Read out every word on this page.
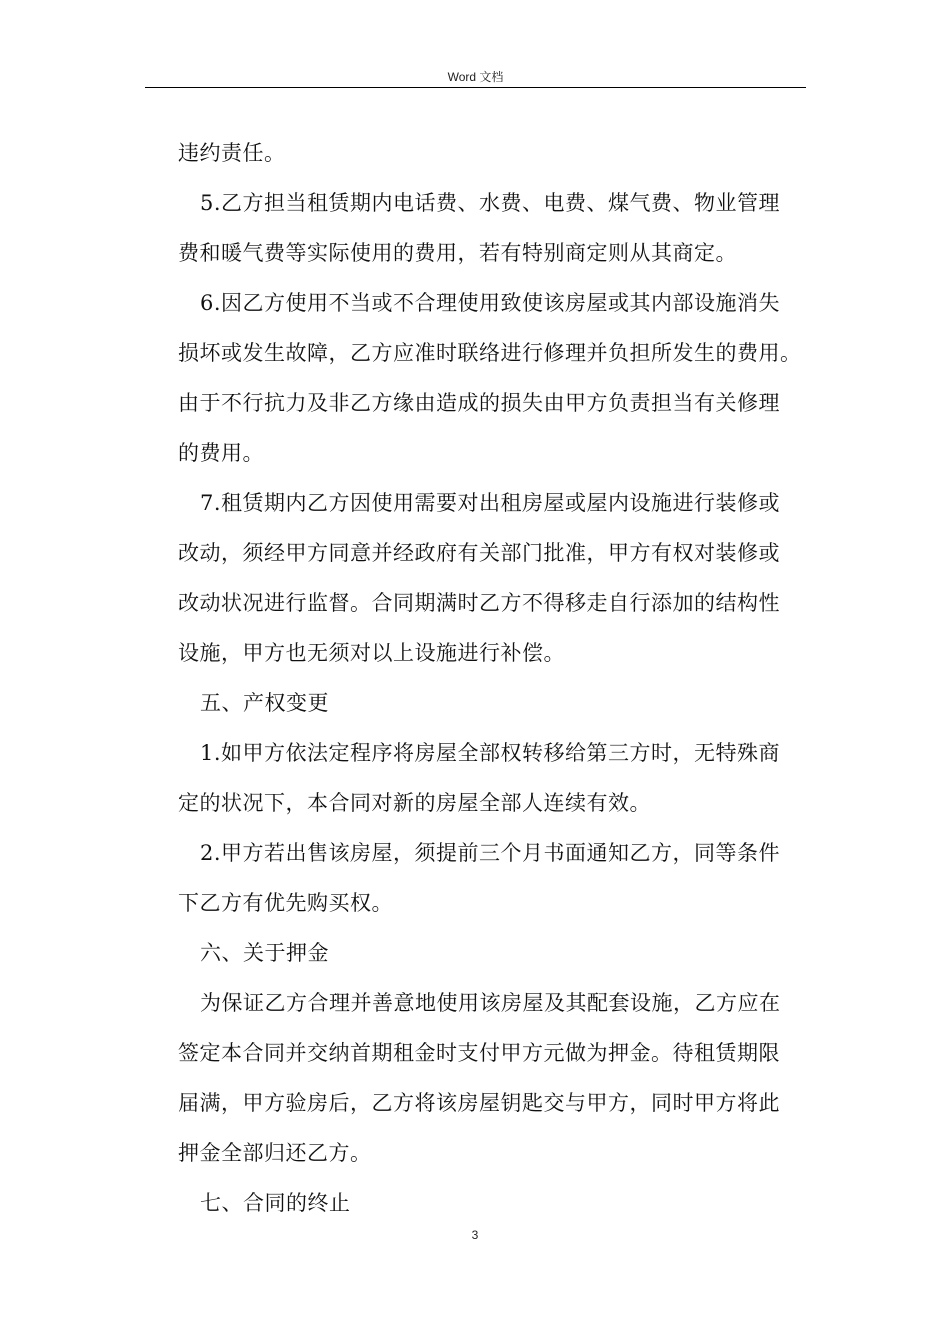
Word 文档
违约责任。
5.乙方担当租赁期内电话费、水费、电费、煤气费、物业管理
费和暖气费等实际使用的费用，若有特别商定则从其商定。
6.因乙方使用不当或不合理使用致使该房屋或其内部设施消失
损坏或发生故障，乙方应准时联络进行修理并负担所发生的费用。
由于不行抗力及非乙方缘由造成的损失由甲方负责担当有关修理
的费用。
7.租赁期内乙方因使用需要对出租房屋或屋内设施进行装修或
改动，须经甲方同意并经政府有关部门批准，甲方有权对装修或
改动状况进行监督。合同期满时乙方不得移走自行添加的结构性
设施，甲方也无须对以上设施进行补偿。
五、产权变更
1.如甲方依法定程序将房屋全部权转移给第三方时，无特殊商
定的状况下，本合同对新的房屋全部人连续有效。
2.甲方若出售该房屋，须提前三个月书面通知乙方，同等条件
下乙方有优先购买权。
六、关于押金
为保证乙方合理并善意地使用该房屋及其配套设施，乙方应在
签定本合同并交纳首期租金时支付甲方元做为押金。待租赁期限
届满，甲方验房后，乙方将该房屋钥匙交与甲方，同时甲方将此
押金全部归还乙方。
七、合同的终止
3
